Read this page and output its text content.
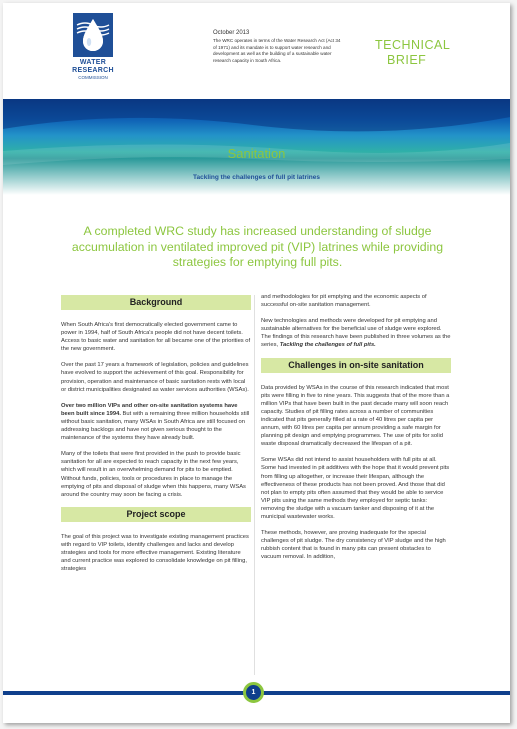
WATER
RESEARCH
COMMISSION
October 2013
The WRC operates in terms of the Water Research Act (Act 34 of 1971) and its mandate is to support water research and development as well as the building of a sustainable water research capacity in South Africa.
TECHNICAL
BRIEF
Sanitation
Tackling the challenges of full pit latrines
A completed WRC study has increased understanding of sludge accumulation in ventilated improved pit (VIP) latrines while providing strategies for emptying full pits.
Background

When South Africa's first democratically elected government came to power in 1994, half of South Africa's people did not have decent toilets. Access to basic water and sanitation for all became one of the priorities of the new government.

Over the past 17 years a framework of legislation, policies and guidelines have evolved to support the achievement of this goal. Responsibility for provision, operation and maintenance of basic sanitation rests with local or district municipalities designated as water services authorities (WSAs).

Over two million VIPs and other on-site sanitation systems have been built since 1994. But with a remaining three million households still without basic sanitation, many WSAs in South Africa are still focused on addressing backlogs and have not given serious thought to the maintenance of the systems they have already built.

Many of the toilets that were first provided in the push to provide basic sanitation for all are expected to reach capacity in the next few years, which will result in an overwhelming demand for pits to be emptied. Without funds, policies, tools or procedures in place to manage the emptying of pits and disposal of sludge when this happens, many WSAs around the country may soon be facing a crisis.

Project scope

The goal of this project was to investigate existing management practices with regard to VIP toilets, identify challenges and lacks and develop strategies and tools for more effective management. Existing literature and current practice was explored to consolidate knowledge on pit filling, strategies

and methodologies for pit emptying and the economic aspects of successful on-site sanitation management.

New technologies and methods were developed for pit emptying and sustainable alternatives for the beneficial use of sludge were explored. The findings of this research have been published in three volumes as the series, Tackling the challenges of full pits.

Challenges in on-site sanitation

Data provided by WSAs in the course of this research indicated that most pits were filling in five to nine years. This suggests that of the more than a million VIPs that have been built in the past decade many will soon reach capacity. Studies of pit filling rates across a number of communities indicated that pits generally filled at a rate of 40 litres per capita per annum, with 60 litres per capita per annum providing a safe margin for planning pit design and emptying programmes. The use of pits for solid waste disposal dramatically decreased the lifespan of a pit.

Some WSAs did not intend to assist householders with full pits at all. Some had invested in pit additives with the hope that it would prevent pits from filling up altogether, or increase their lifespan, although the effectiveness of these products has not been proved. And those that did not plan to empty pits often assumed that they would be able to service VIP pits using the same methods they employed for septic tanks: removing the sludge with a vacuum tanker and disposing of it at the municipal wastewater works.

These methods, however, are proving inadequate for the special challenges of pit sludge. The dry consistency of VIP sludge and the high rubbish content that is found in many pits can present obstacles to vacuum removal. In addition,

1
